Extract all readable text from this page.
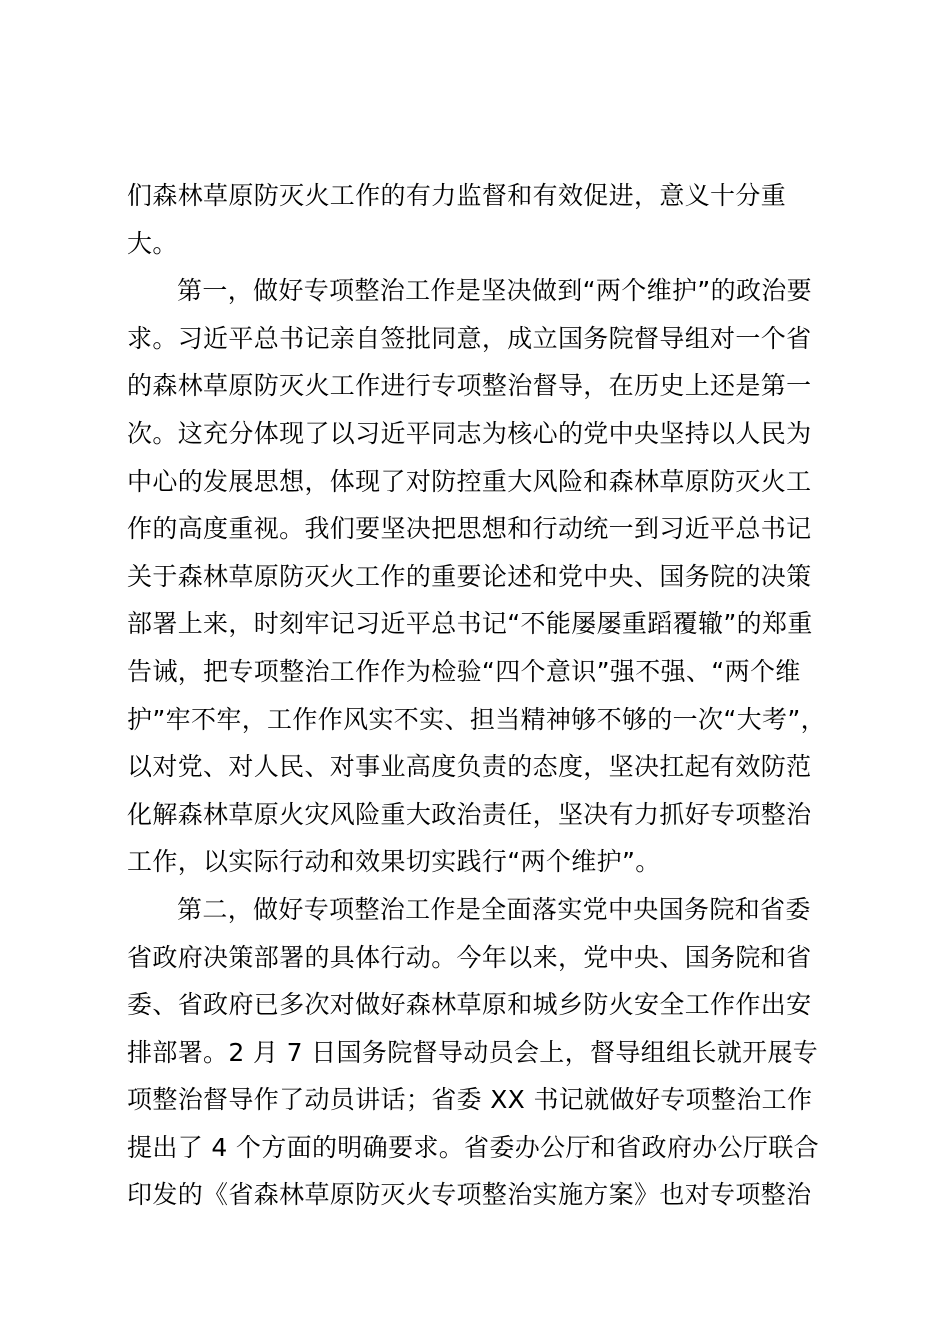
们森林草原防灭火工作的有力监督和有效促进，意义十分重
大。
第一，做好专项整治工作是坚决做到“两个维护”的政治要
求。习近平总书记亲自签批同意，成立国务院督导组对一个省
的森林草原防灭火工作进行专项整治督导，在历史上还是第一
次。这充分体现了以习近平同志为核心的党中央坚持以人民为
中心的发展思想，体现了对防控重大风险和森林草原防灭火工
作的高度重视。我们要坚决把思想和行动统一到习近平总书记
关于森林草原防灭火工作的重要论述和党中央、国务院的决策
部署上来，时刻牢记习近平总书记“不能屡屡重蹈覆辙”的郑重
告诫，把专项整治工作作为检验“四个意识”强不强、“两个维
护”牢不牢，工作作风实不实、担当精神够不够的一次“大考”，
以对党、对人民、对事业高度负责的态度，坚决扛起有效防范
化解森林草原火灾风险重大政治责任，坚决有力抓好专项整治
工作，以实际行动和效果切实践行“两个维护”。
第二，做好专项整治工作是全面落实党中央国务院和省委
省政府决策部署的具体行动。今年以来，党中央、国务院和省
委、省政府已多次对做好森林草原和城乡防火安全工作作出安
排部署。2 月 7 日国务院督导动员会上，督导组组长就开展专
项整治督导作了动员讲话；省委 XX 书记就做好专项整治工作
提出了 4 个方面的明确要求。省委办公厅和省政府办公厅联合
印发的《省森林草原防灭火专项整治实施方案》也对专项整治
